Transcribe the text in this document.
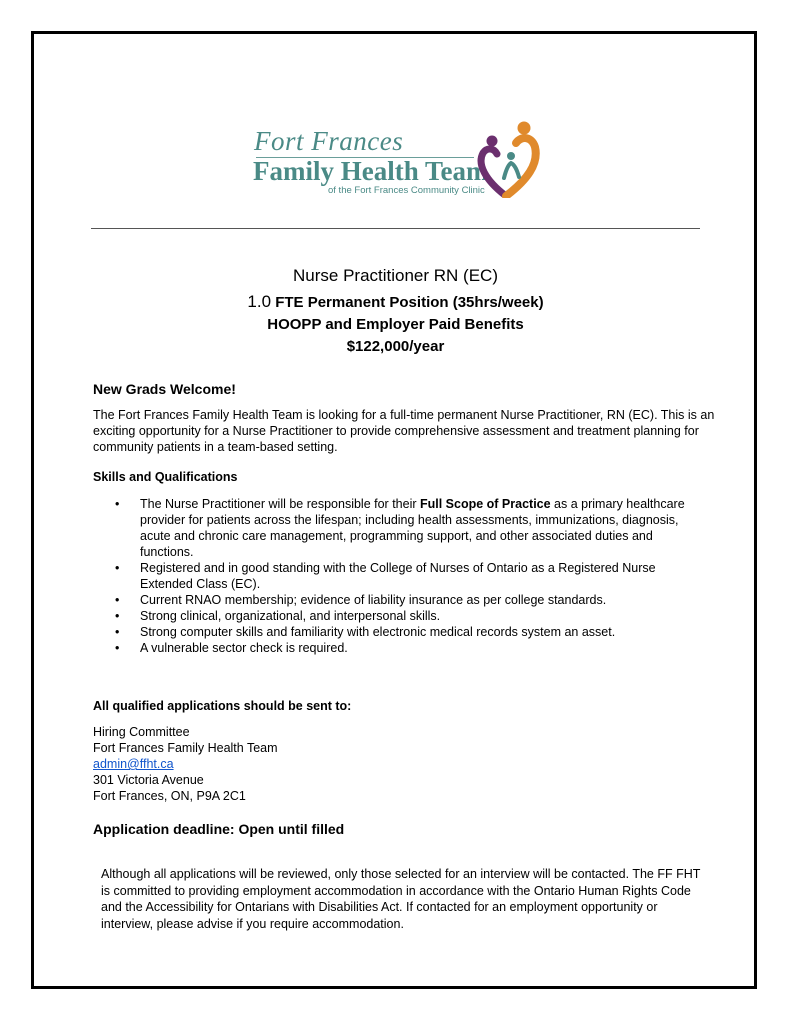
Fort Frances
Family Health Team
of the Fort Frances Community Clinic
Nurse Practitioner RN (EC)
1.0 FTE Permanent Position (35hrs/week)
HOOPP and Employer Paid Benefits
$122,000/year
New Grads Welcome!
The Fort Frances Family Health Team is looking for a full-time permanent Nurse Practitioner, RN (EC). This is an exciting opportunity for a Nurse Practitioner to provide comprehensive assessment and treatment planning for community patients in a team-based setting.
Skills and Qualifications
• The Nurse Practitioner will be responsible for their Full Scope of Practice as a primary healthcare provider for patients across the lifespan; including health assessments, immunizations, diagnosis, acute and chronic care management, programming support, and other associated duties and functions.
• Registered and in good standing with the College of Nurses of Ontario as a Registered Nurse Extended Class (EC).
• Current RNAO membership; evidence of liability insurance as per college standards.
• Strong clinical, organizational, and interpersonal skills.
• Strong computer skills and familiarity with electronic medical records system an asset.
• A vulnerable sector check is required.
All qualified applications should be sent to:
Hiring Committee
Fort Frances Family Health Team
admin@ffht.ca
301 Victoria Avenue
Fort Frances, ON, P9A 2C1
Application deadline: Open until filled
Although all applications will be reviewed, only those selected for an interview will be contacted. The FF FHT is committed to providing employment accommodation in accordance with the Ontario Human Rights Code and the Accessibility for Ontarians with Disabilities Act. If contacted for an employment opportunity or interview, please advise if you require accommodation.
